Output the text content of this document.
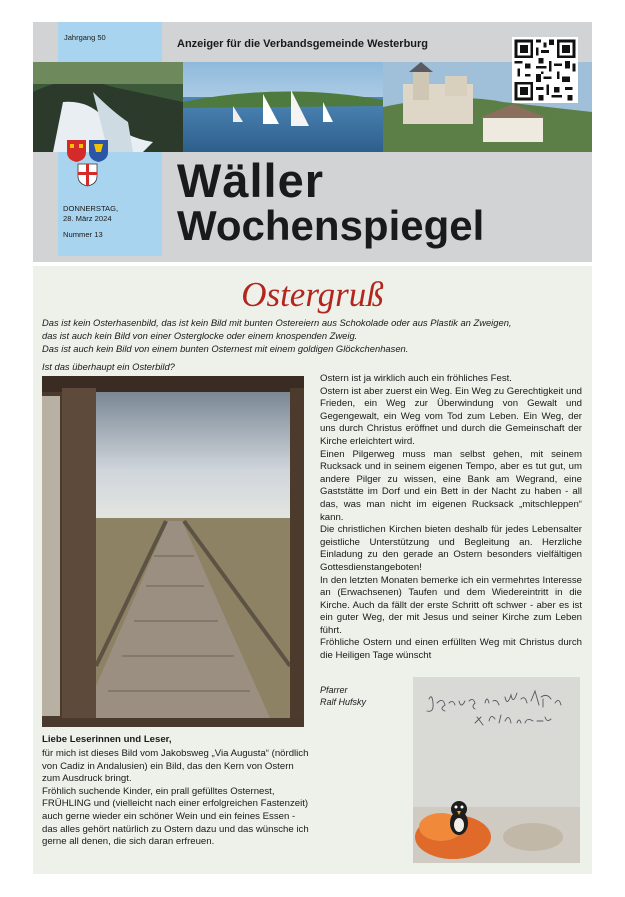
Jahrgang 50
Anzeiger für die Verbandsgemeinde Westerburg
DONNERSTAG,
28. März 2024
Nummer 13
Wäller
Wochenspiegel
Ostergruß
Das ist kein Osterhasenbild, das ist kein Bild mit bunten Ostereiern aus Schokolade oder aus Plastik an Zweigen,
das ist auch kein Bild von einer Osterglocke oder einem knospenden Zweig.
Das ist auch kein Bild von einem bunten Osternest mit einem goldigen Glöckchenhasen.
Ist das überhaupt ein Osterbild?

Ostern ist ja wirklich auch ein fröhliches Fest.

Ostern ist aber zuerst ein Weg. Ein Weg zu Gerechtigkeit und Frieden, ein Weg zur Überwindung von Gewalt und Gegengewalt, ein Weg vom Tod zum Leben. Ein Weg, der uns durch Christus eröffnet und durch die Gemeinschaft der Kirche erleichtert wird.

Einen Pilgerweg muss man selbst gehen, mit seinem Rucksack und in seinem eigenen Tempo, aber es tut gut, um andere Pilger zu wissen, eine Bank am Wegrand, eine Gaststätte im Dorf und ein Bett in der Nacht zu haben - all das, was man nicht im eigenen Rucksack „mitschleppen“ kann.

Die christlichen Kirchen bieten deshalb für jedes Lebensalter geistliche Unterstützung und Begleitung an. Herzliche Einladung zu den gerade an Ostern besonders vielfältigen Gottesdienstangeboten!

In den letzten Monaten bemerke ich ein vermehrtes Interesse an (Erwachsenen) Taufen und dem Wiedereintritt in die Kirche. Auch da fällt der erste Schritt oft schwer - aber es ist ein guter Weg, der mit Jesus und seiner Kirche zum Leben führt.

Fröhliche Ostern und einen erfüllten Weg mit Christus durch die Heiligen Tage wünscht

Pfarrer
Ralf Hufsky
Liebe Leserinnen und Leser,

für mich ist dieses Bild vom Jakobsweg „Via Augusta“ (nördlich von Cadiz in Andalusien) ein Bild, das den Kern von Ostern zum Ausdruck bringt.

Fröhlich suchende Kinder, ein prall gefülltes Osternest, FRÜHLING und (vielleicht nach einer erfolgreichen Fastenzeit) auch gerne wieder ein schöner Wein und ein feines Essen - das alles gehört natürlich zu Ostern dazu und das wünsche ich gerne all denen, die sich daran erfreuen.
